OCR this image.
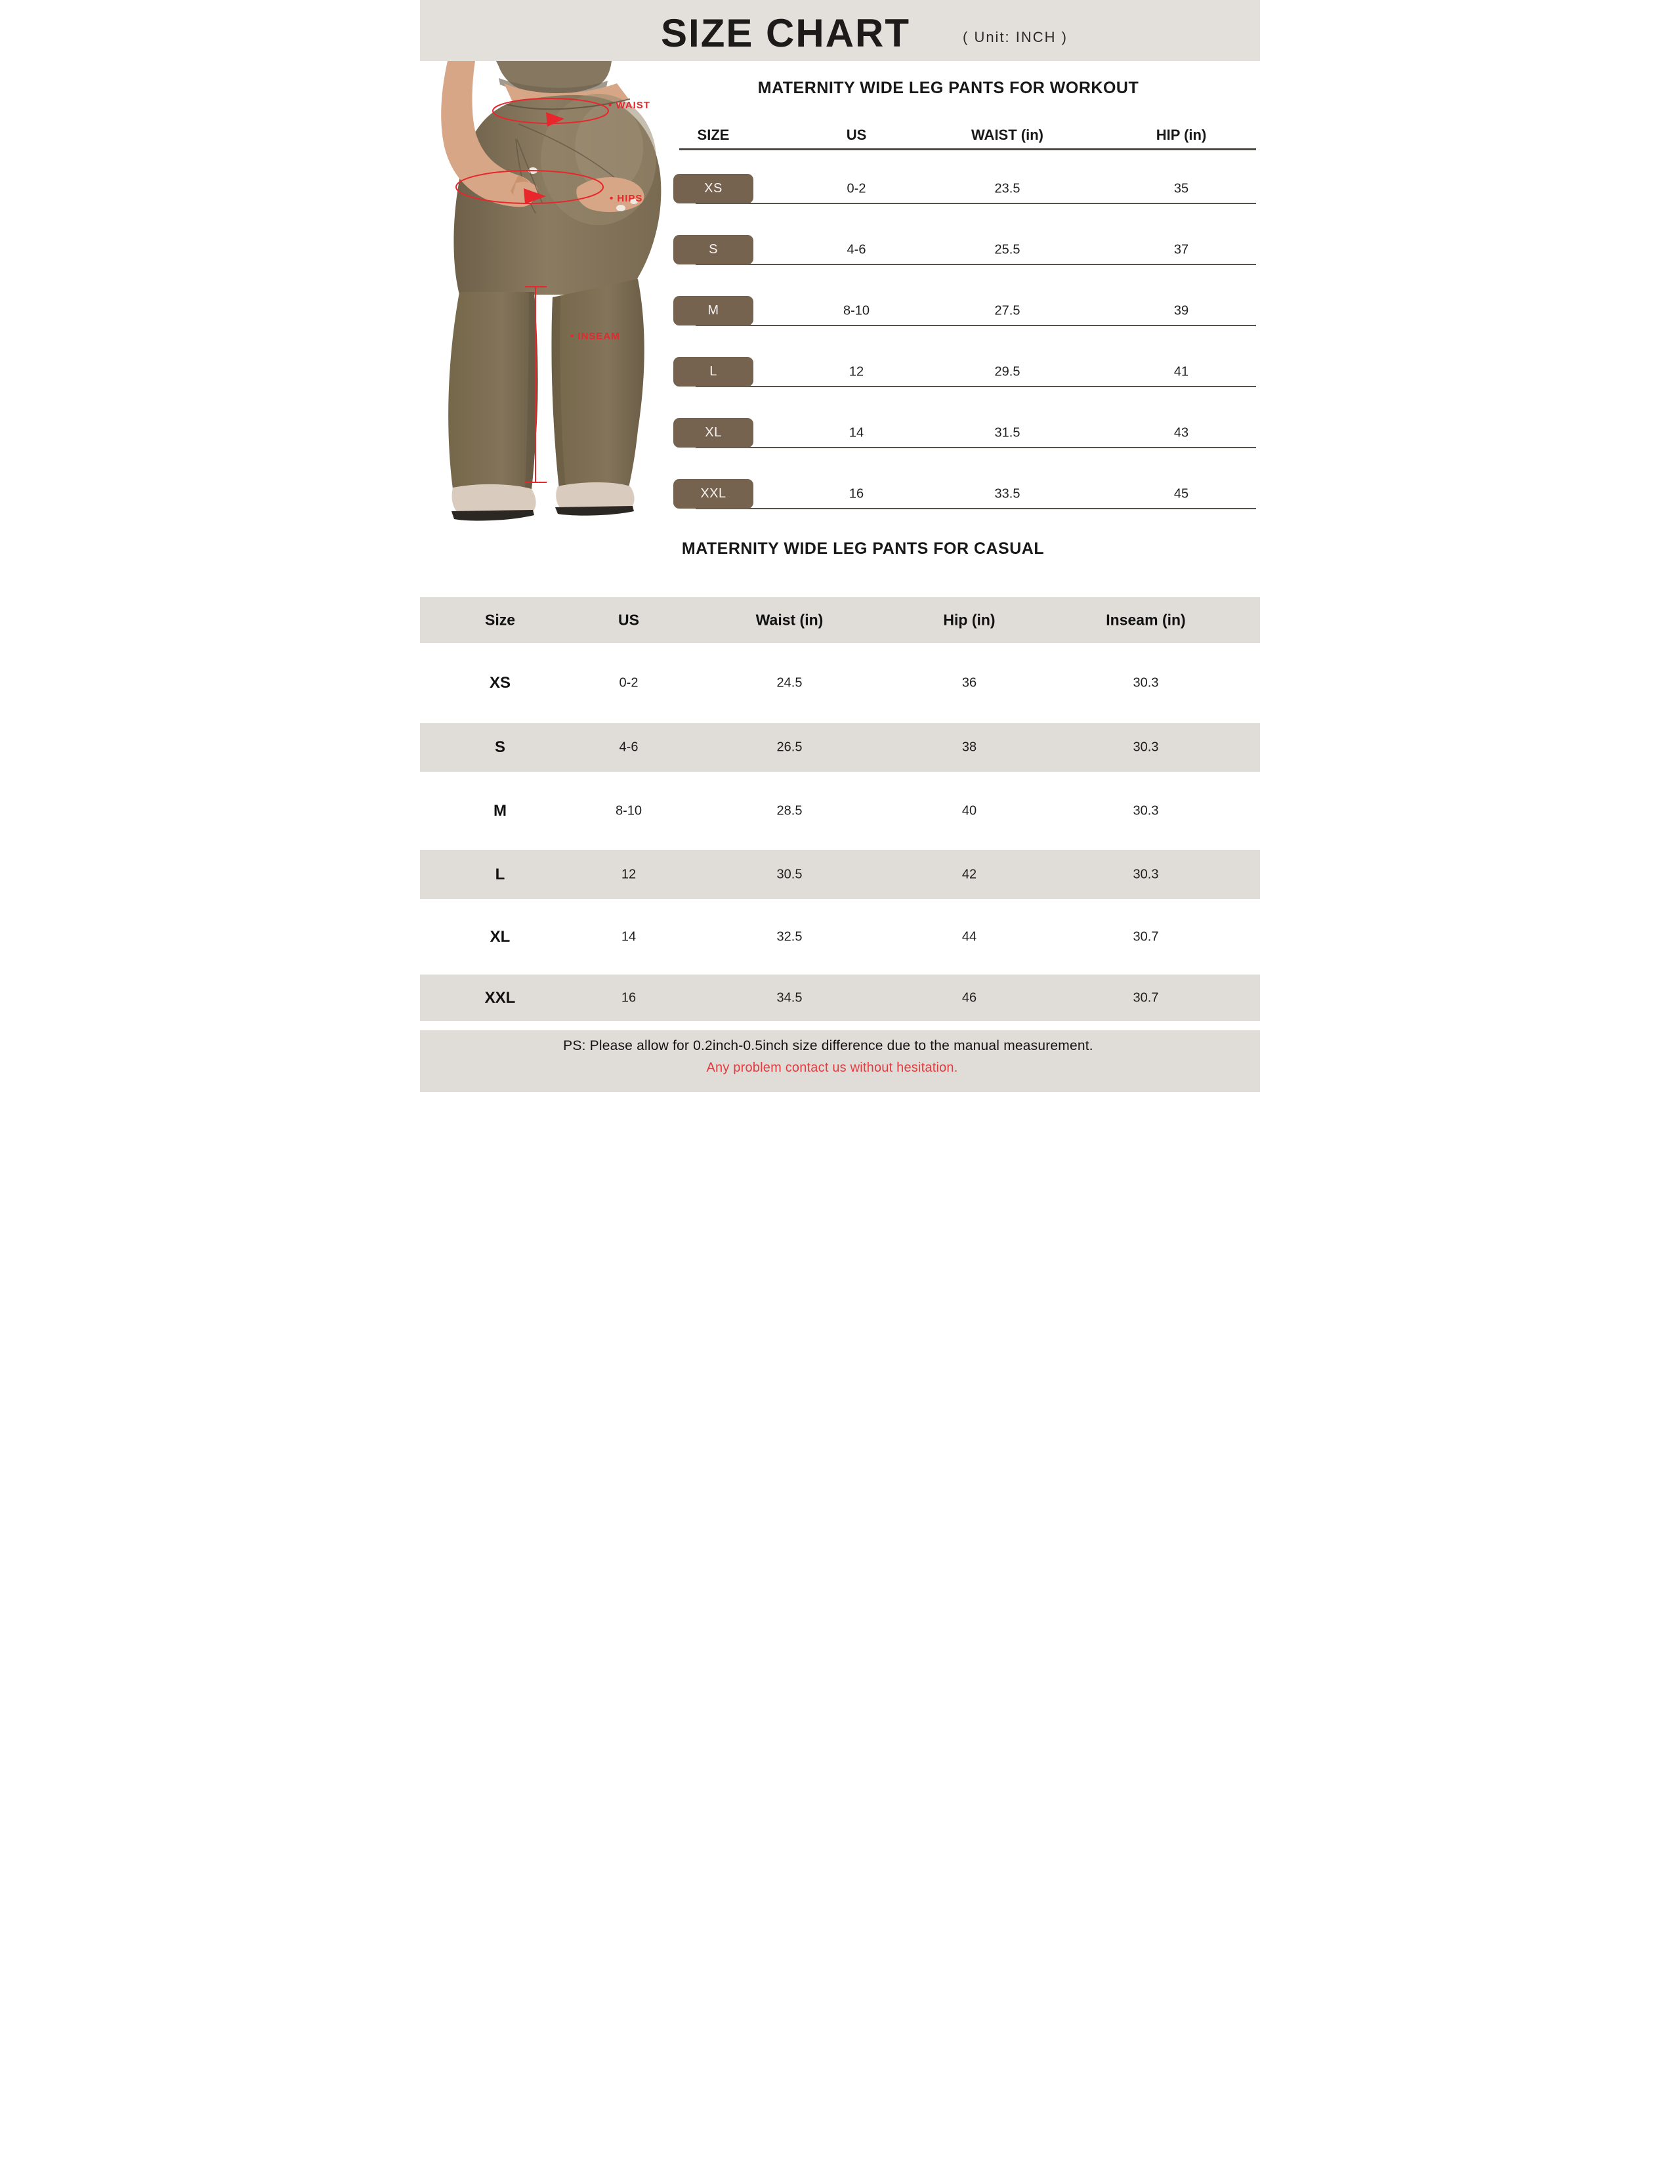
SIZE CHART	( Unit: INCH )
• WAIST
• HIPS
• INSEAM
MATERNITY WIDE LEG PANTS FOR WORKOUT
SIZE	US	WAIST (in)	HIP (in)
XS	0-2	23.5	35
S	4-6	25.5	37
M	8-10	27.5	39
L	12	29.5	41
XL	14	31.5	43
XXL	16	33.5	45
MATERNITY WIDE LEG PANTS FOR CASUAL
Size	US	Waist (in)	Hip (in)	Inseam (in)
XS	0-2	24.5	36	30.3
S	4-6	26.5	38	30.3
M	8-10	28.5	40	30.3
L	12	30.5	42	30.3
XL	14	32.5	44	30.7
XXL	16	34.5	46	30.7
PS: Please allow for 0.2inch-0.5inch size difference due to the manual measurement.
Any problem contact us without hesitation.
